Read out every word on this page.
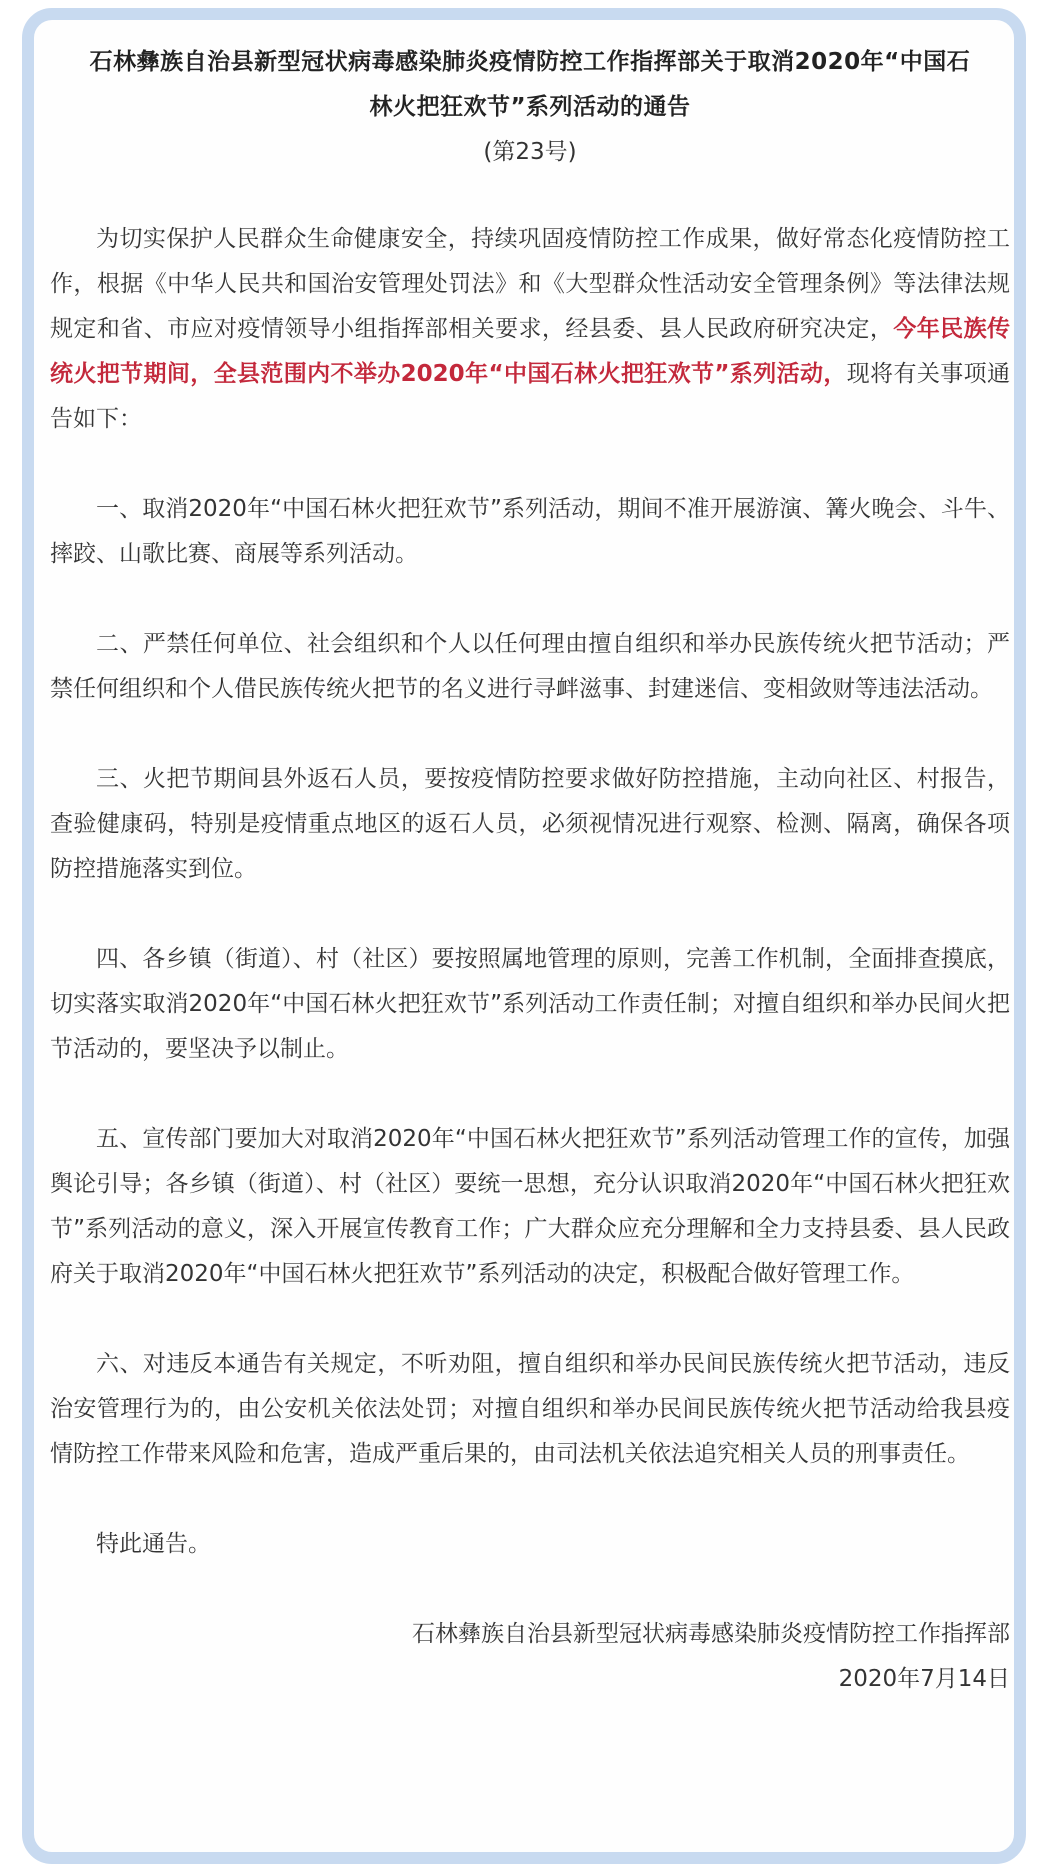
石林彝族自治县新型冠状病毒感染肺炎疫情防控工作指挥部关于取消2020年“中国石
林火把狂欢节”系列活动的通告
(第23号)

为切实保护人民群众生命健康安全，持续巩固疫情防控工作成果，做好常态化疫情防控工作，根据《中华人民共和国治安管理处罚法》和《大型群众性活动安全管理条例》等法律法规规定和省、市应对疫情领导小组指挥部相关要求，经县委、县人民政府研究决定，今年民族传统火把节期间，全县范围内不举办2020年“中国石林火把狂欢节”系列活动，现将有关事项通告如下：

一、取消2020年“中国石林火把狂欢节”系列活动，期间不准开展游演、篝火晚会、斗牛、摔跤、山歌比赛、商展等系列活动。

二、严禁任何单位、社会组织和个人以任何理由擅自组织和举办民族传统火把节活动；严禁任何组织和个人借民族传统火把节的名义进行寻衅滋事、封建迷信、变相敛财等违法活动。

三、火把节期间县外返石人员，要按疫情防控要求做好防控措施，主动向社区、村报告，查验健康码，特别是疫情重点地区的返石人员，必须视情况进行观察、检测、隔离，确保各项防控措施落实到位。

四、各乡镇（街道）、村（社区）要按照属地管理的原则，完善工作机制，全面排查摸底，切实落实取消2020年“中国石林火把狂欢节”系列活动工作责任制；对擅自组织和举办民间火把节活动的，要坚决予以制止。

五、宣传部门要加大对取消2020年“中国石林火把狂欢节”系列活动管理工作的宣传，加强舆论引导；各乡镇（街道）、村（社区）要统一思想，充分认识取消2020年“中国石林火把狂欢节”系列活动的意义，深入开展宣传教育工作；广大群众应充分理解和全力支持县委、县人民政府关于取消2020年“中国石林火把狂欢节”系列活动的决定，积极配合做好管理工作。

六、对违反本通告有关规定，不听劝阻，擅自组织和举办民间民族传统火把节活动，违反治安管理行为的，由公安机关依法处罚；对擅自组织和举办民间民族传统火把节活动给我县疫情防控工作带来风险和危害，造成严重后果的，由司法机关依法追究相关人员的刑事责任。

特此通告。

石林彝族自治县新型冠状病毒感染肺炎疫情防控工作指挥部

2020年7月14日
